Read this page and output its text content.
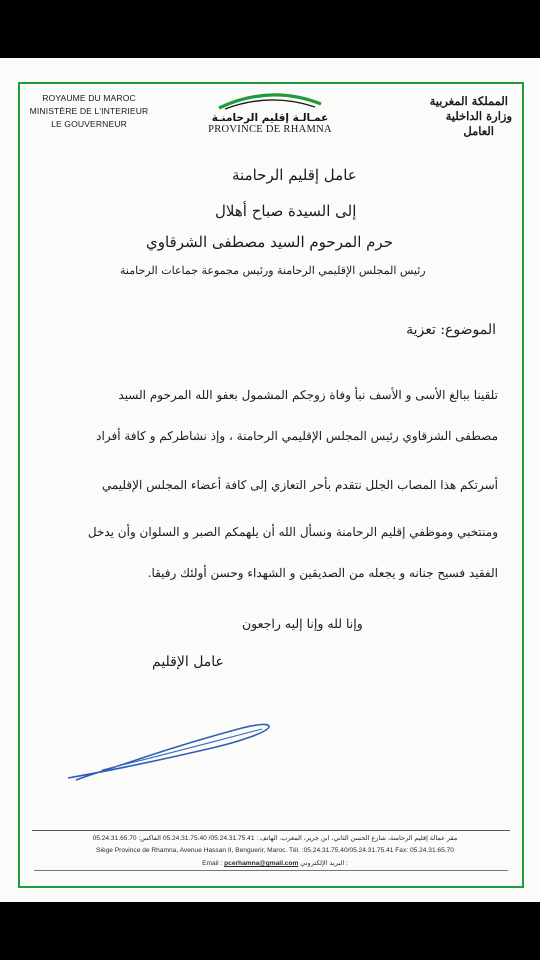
ROYAUME DU MAROC
MINISTÈRE DE L'INTERIEUR
LE GOUVERNEUR	عمـالـة إقليم الرحامنـة
PROVINCE DE RHAMNA
المملكة المغربية
وزارة الداخلية
العامل
عامل إقليم الرحامنة
إلى السيدة صباح أهلال
حرم المرحوم السيد مصطفى الشرقاوي
رئيس المجلس الإقليمي الرحامنة ورئيس مجموعة جماعات الرحامنة
الموضوع: تعزية
تلقينا ببالغ الأسى و الأسف نبأ وفاة زوجكم المشمول بعفو الله المرحوم السيد
مصطفى الشرقاوي رئيس المجلس الإقليمي الرحامنة ، وإذ نشاطركم و كافة أفراد
أسرتكم هذا المصاب الجلل نتقدم بأحر التعازي إلى كافة أعضاء المجلس الإقليمي
ومنتخبي وموظفي إقليم الرحامنة ونسأل الله أن يلهمكم الصبر و السلوان وأن يدخل
الفقيد فسيح جنانه و يجعله من الصديقين و الشهداء وحسن أولئك رفيقا.
وإنا لله وإنا إليه راجعون
عامل الإقليم
مقر عمالة إقليم الرحامنة، شارع الحسن الثاني، ابن جرير، المغرب. الهاتف : 05.24.31.75.41/ 05.24.31.75.40 الفاكس: 05.24.31.65.70
Siège Province de Rhamna, Avenue Hassan II, Benguerir, Maroc. Tél. :05.24.31.75.40/05.24.31.75.41 Fax: 05.24.31.65.70
Email : pcerhamna@gmail.com البريد الإلكتروني :
